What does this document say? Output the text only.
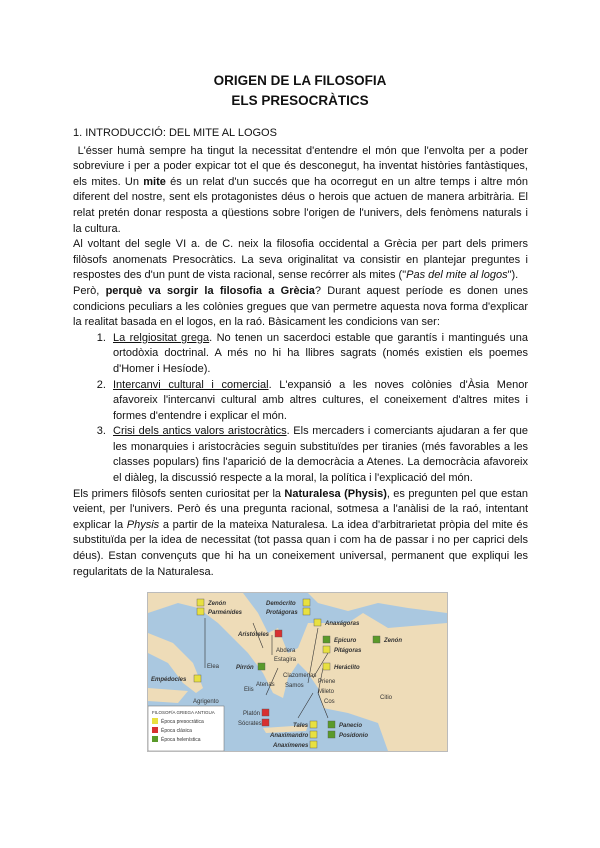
ORIGEN DE LA FILOSOFIA
ELS PRESOCRÀTICS
1. INTRODUCCIÓ: DEL MITE AL LOGOS

L'ésser humà sempre ha tingut la necessitat d'entendre el món que l'envolta per a poder sobreviure i per a poder expicar tot el que és desconegut, ha inventat històries fantàstiques, els mites. Un mite és un relat d'un succés que ha ocorregut en un altre temps i altre món diferent del nostre, sent els protagonistes déus o herois que actuen de manera arbitrària. El relat pretén donar resposta a qüestions sobre l'origen de l'univers, dels fenòmens naturals i la cultura.

Al voltant del segle VI a. de C. neix la filosofia occidental a Grècia per part dels primers filòsofs anomenats Presocràtics. La seva originalitat va consistir en plantejar preguntes i respostes des d'un punt de vista racional, sense recórrer als mites ("Pas del mite al logos").

Però, perquè va sorgir la filosofia a Grècia? Durant aquest període es donen unes condicions peculiars a les colònies gregues que van permetre aquesta nova forma d'explicar la realitat basada en el logos, en la raó. Bàsicament les condicions van ser:

1. La relgiositat grega. No tenen un sacerdoci estable que garantís i mantingués una ortodòxia doctrinal. A més no hi ha llibres sagrats (només existien els poemes d'Homer i Hesíode).
2. Intercanvi cultural i comercial. L'expansió a les noves colònies d'Àsia Menor afavoreix l'intercanvi cultural amb altres cultures, el coneixement d'altres mites i formes d'entendre i explicar el món.
3. Crisi dels antics valors aristocràtics. Els mercaders i comerciants ajudaran a fer que les monarquies i aristocràcies seguin substituïdes per tiranies (més favorables a les classes populars) fins l'aparició de la democràcia a Atenes. La democràcia afavoreix el diàleg, la discussió respecte a la moral, la política i l'explicació del món.

Els primers filòsofs senten curiositat per la Naturalesa (Physis), es pregunten pel que estan veient, per l'univers. Però és una pregunta racional, sotmesa a l'anàlisi de la raó, intentant explicar la Physis a partir de la mateixa Naturalesa. La idea d'arbitrarietat pròpia del mite és substituïda per la idea de necessitat (tot passa quan i com ha de passar i no per caprici dels déus). Estan convençuts que hi ha un coneixement universal, permanent que expliqui les regularitats de la Naturalesa.

Zenón
Parménides
Demócrito
Protágoras
Anaxágoras
Aristóteles
Epicuro	Zenón
Pitágoras
Pirrón	Heráclito
Empédocles
Platón
Sócrates	Tales
Anaximandro
Anaxímenes
Panecio
Posidonio
Abdera
Estagira
Elea
Clazomenas
Samos
Priene
Atenas
Mileto
Elis
Cos
Agrigento
Citio
FILOSOFÍA GRIEGA ANTIGUA
Época presocrática
Época clásica
Época helenística
